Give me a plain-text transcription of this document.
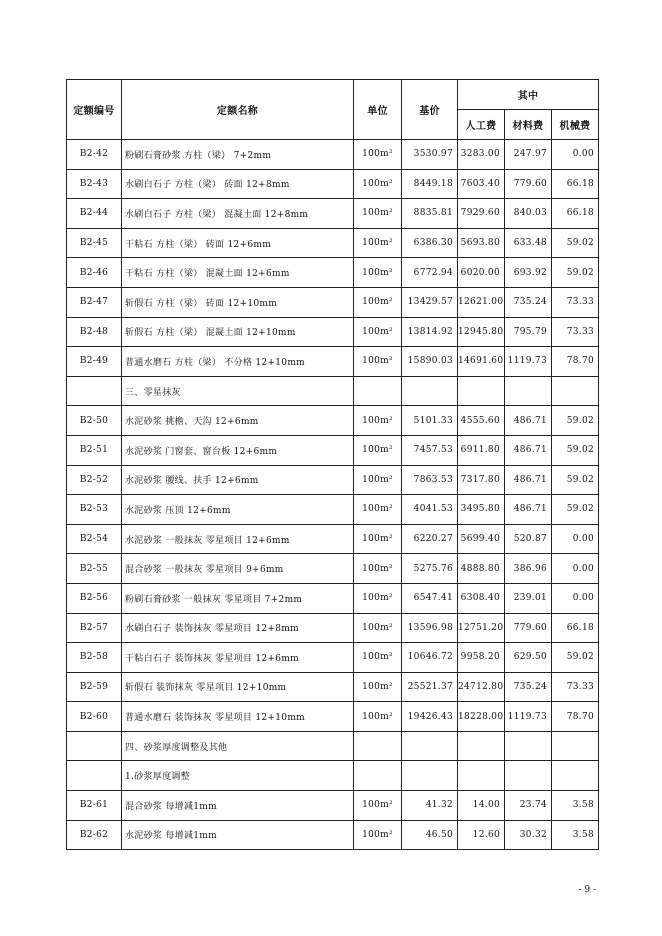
定额编号	定额名称	单位	基价	其中		
				人工费	材料费	机械费
B2-42	粉刷石膏砂浆 方柱（梁） 7+2mm	100m²	3530.97	3283.00	247.97	0.00
B2-43	水刷白石子 方柱（梁） 砖面 12+8mm	100m²	8449.18	7603.40	779.60	66.18
B2-44	水刷白石子 方柱（梁） 混凝土面 12+8mm	100m²	8835.81	7929.60	840.03	66.18
B2-45	干粘石 方柱（梁） 砖面 12+6mm	100m²	6386.30	5693.80	633.48	59.02
B2-46	干粘石 方柱（梁） 混凝土面 12+6mm	100m²	6772.94	6020.00	693.92	59.02
B2-47	斩假石 方柱（梁） 砖面 12+10mm	100m²	13429.57	12621.00	735.24	73.33
B2-48	斩假石 方柱（梁） 混凝土面 12+10mm	100m²	13814.92	12945.80	795.79	73.33
B2-49	普通水磨石 方柱（梁） 不分格 12+10mm	100m²	15890.03	14691.60	1119.73	78.70
	三、零星抹灰					
B2-50	水泥砂浆 挑檐、天沟 12+6mm	100m²	5101.33	4555.60	486.71	59.02
B2-51	水泥砂浆 门窗套、窗台板 12+6mm	100m²	7457.53	6911.80	486.71	59.02
B2-52	水泥砂浆 腰线、扶手 12+6mm	100m²	7863.53	7317.80	486.71	59.02
B2-53	水泥砂浆 压顶 12+6mm	100m²	4041.53	3495.80	486.71	59.02
B2-54	水泥砂浆 一般抹灰 零星项目 12+6mm	100m²	6220.27	5699.40	520.87	0.00
B2-55	混合砂浆 一般抹灰 零星项目 9+6mm	100m²	5275.76	4888.80	386.96	0.00
B2-56	粉刷石膏砂浆 一般抹灰 零星项目 7+2mm	100m²	6547.41	6308.40	239.01	0.00
B2-57	水刷白石子 装饰抹灰 零星项目 12+8mm	100m²	13596.98	12751.20	779.60	66.18
B2-58	干粘白石子 装饰抹灰 零星项目 12+6mm	100m²	10646.72	9958.20	629.50	59.02
B2-59	斩假石 装饰抹灰 零星项目 12+10mm	100m²	25521.37	24712.80	735.24	73.33
B2-60	普通水磨石 装饰抹灰 零星项目 12+10mm	100m²	19426.43	18228.00	1119.73	78.70
	四、砂浆厚度调整及其他					
	1.砂浆厚度调整					
B2-61	混合砂浆 每增减1mm	100m²	41.32	14.00	23.74	3.58
B2-62	水泥砂浆 每增减1mm	100m²	46.50	12.60	30.32	3.58
- 9 -
